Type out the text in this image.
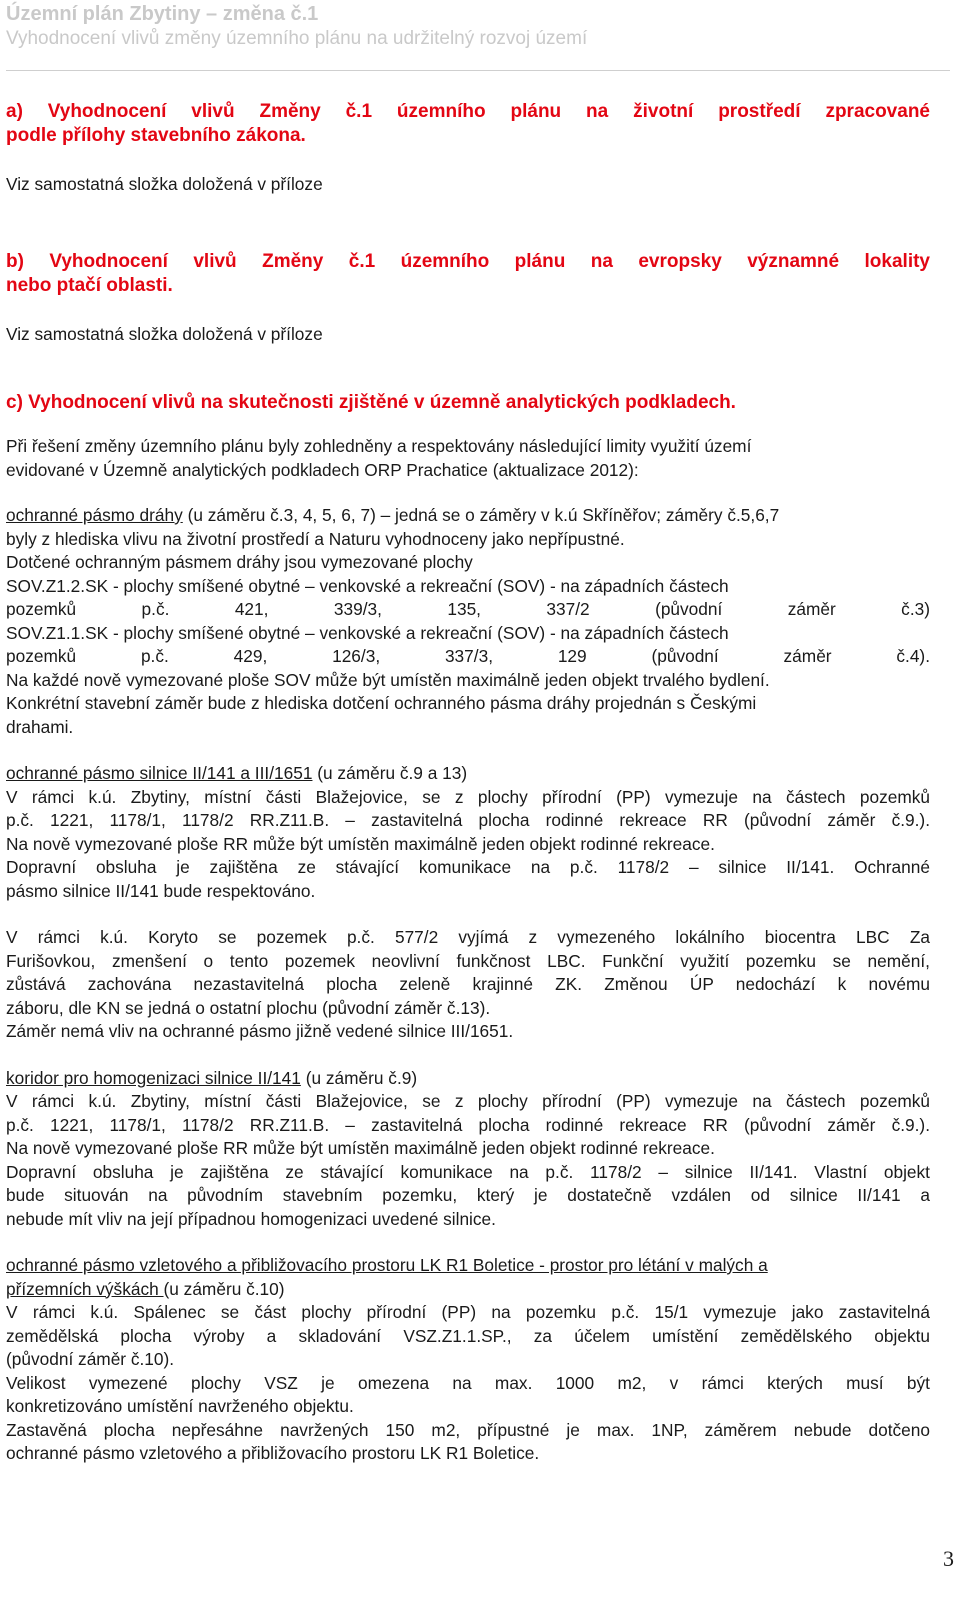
Územní plán Zbytiny – změna č.1
Vyhodnocení vlivů změny územního plánu na udržitelný rozvoj území

a) Vyhodnocení vlivů Změny č.1 územního plánu na životní prostředí zpracované

podle přílohy stavebního zákona.

Viz samostatná složka doložená v příloze

b) Vyhodnocení vlivů Změny č.1 územního plánu na evropsky významné lokality

nebo ptačí oblasti.

Viz samostatná složka doložená v příloze

c) Vyhodnocení vlivů na skutečnosti zjištěné v územně analytických podkladech.

Při řešení změny územního plánu byly zohledněny a respektovány následující limity využití území

evidované v Územně analytických podkladech ORP Prachatice (aktualizace 2012):

ochranné pásmo dráhy (u záměru č.3, 4, 5, 6, 7) – jedná se o záměry v k.ú Skříněřov; záměry č.5,6,7

byly z hlediska vlivu na životní prostředí a Naturu vyhodnoceny jako nepřípustné.

Dotčené ochranným pásmem dráhy jsou vymezované plochy

SOV.Z1.2.SK - plochy smíšené obytné – venkovské a rekreační (SOV) - na západních částech

pozemků p.č. 421, 339/3, 135, 337/2 (původní záměr č.3)

SOV.Z1.1.SK - plochy smíšené obytné – venkovské a rekreační (SOV) - na západních částech

pozemků p.č. 429, 126/3, 337/3, 129 (původní záměr č.4).

Na každé nově vymezované ploše SOV může být umístěn maximálně jeden objekt trvalého bydlení.

Konkrétní stavební záměr bude z hlediska dotčení ochranného pásma dráhy projednán s Českými

drahami.

ochranné pásmo silnice II/141 a III/1651 (u záměru č.9 a 13)

V rámci k.ú. Zbytiny, místní části Blažejovice, se z plochy přírodní (PP) vymezuje na částech pozemků

p.č. 1221, 1178/1, 1178/2 RR.Z11.B. – zastavitelná plocha rodinné rekreace RR (původní záměr č.9.).

Na nově vymezované ploše RR může být umístěn maximálně jeden objekt rodinné rekreace.

Dopravní obsluha je zajištěna ze stávající komunikace na p.č. 1178/2 – silnice II/141. Ochranné

pásmo silnice II/141 bude respektováno.

V rámci k.ú. Koryto se pozemek p.č. 577/2 vyjímá z vymezeného lokálního biocentra LBC Za

Furišovkou, zmenšení o tento pozemek neovlivní funkčnost LBC. Funkční využití pozemku se nemění,

zůstává zachována nezastavitelná plocha zeleně krajinné ZK. Změnou ÚP nedochází k novému

záboru, dle KN se jedná o ostatní plochu (původní záměr č.13).

Záměr nemá vliv na ochranné pásmo jižně vedené silnice III/1651.

koridor pro homogenizaci silnice II/141 (u záměru č.9)

V rámci k.ú. Zbytiny, místní části Blažejovice, se z plochy přírodní (PP) vymezuje na částech pozemků

p.č. 1221, 1178/1, 1178/2 RR.Z11.B. – zastavitelná plocha rodinné rekreace RR (původní záměr č.9.).

Na nově vymezované ploše RR může být umístěn maximálně jeden objekt rodinné rekreace.

Dopravní obsluha je zajištěna ze stávající komunikace na p.č. 1178/2 – silnice II/141. Vlastní objekt

bude situován na původním stavebním pozemku, který je dostatečně vzdálen od silnice II/141 a

nebude mít vliv na její případnou homogenizaci uvedené silnice.

ochranné pásmo vzletového a přibližovacího prostoru LK R1 Boletice - prostor pro létání v malých a

přízemních výškách (u záměru č.10)

V rámci k.ú. Spálenec se část plochy přírodní (PP) na pozemku p.č. 15/1 vymezuje jako zastavitelná

zemědělská plocha výroby a skladování VSZ.Z1.1.SP., za účelem umístění zemědělského objektu

(původní záměr č.10).

Velikost vymezené plochy VSZ je omezena na max. 1000 m2, v rámci kterých musí být

konkretizováno umístění navrženého objektu.

Zastavěná plocha nepřesáhne navržených 150 m2, přípustné je max. 1NP, záměrem nebude dotčeno

ochranné pásmo vzletového a přibližovacího prostoru LK R1 Boletice.

3
